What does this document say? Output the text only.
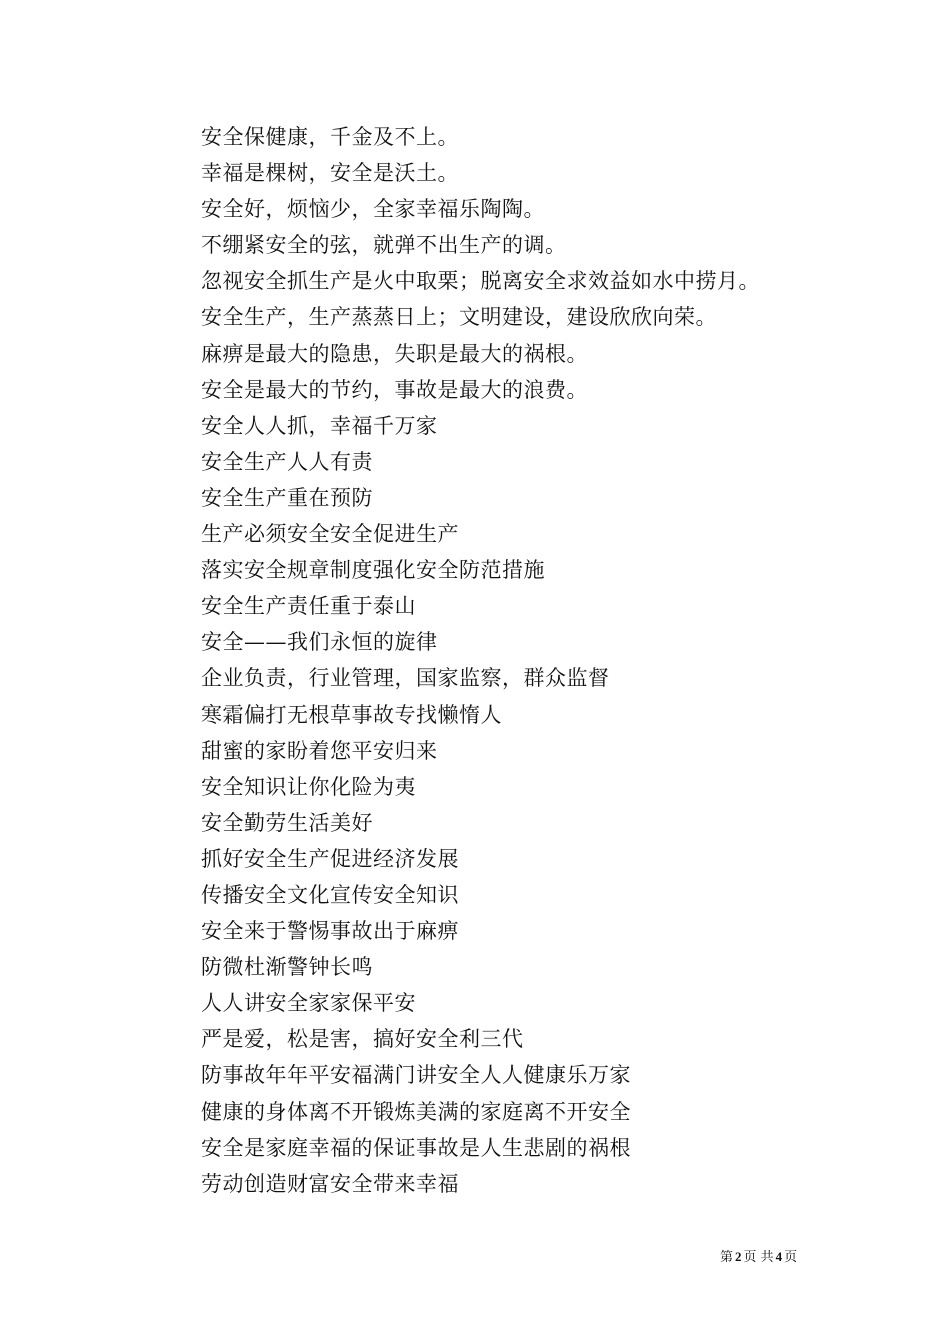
安全保健康，千金及不上。
幸福是棵树，安全是沃土。
安全好，烦恼少，全家幸福乐陶陶。
不绷紧安全的弦，就弹不出生产的调。
忽视安全抓生产是火中取栗；脱离安全求效益如水中捞月。
安全生产，生产蒸蒸日上；文明建设，建设欣欣向荣。
麻痹是最大的隐患，失职是最大的祸根。
安全是最大的节约，事故是最大的浪费。
安全人人抓，幸福千万家
安全生产人人有责
安全生产重在预防
生产必须安全安全促进生产
落实安全规章制度强化安全防范措施
安全生产责任重于泰山
安全——我们永恒的旋律
企业负责，行业管理，国家监察，群众监督
寒霜偏打无根草事故专找懒惰人
甜蜜的家盼着您平安归来
安全知识让你化险为夷
安全勤劳生活美好
抓好安全生产促进经济发展
传播安全文化宣传安全知识
安全来于警惕事故出于麻痹
防微杜渐警钟长鸣
人人讲安全家家保平安
严是爱，松是害，搞好安全利三代
防事故年年平安福满门讲安全人人健康乐万家
健康的身体离不开锻炼美满的家庭离不开安全
安全是家庭幸福的保证事故是人生悲剧的祸根
劳动创造财富安全带来幸福
第 2 页 共 4 页
